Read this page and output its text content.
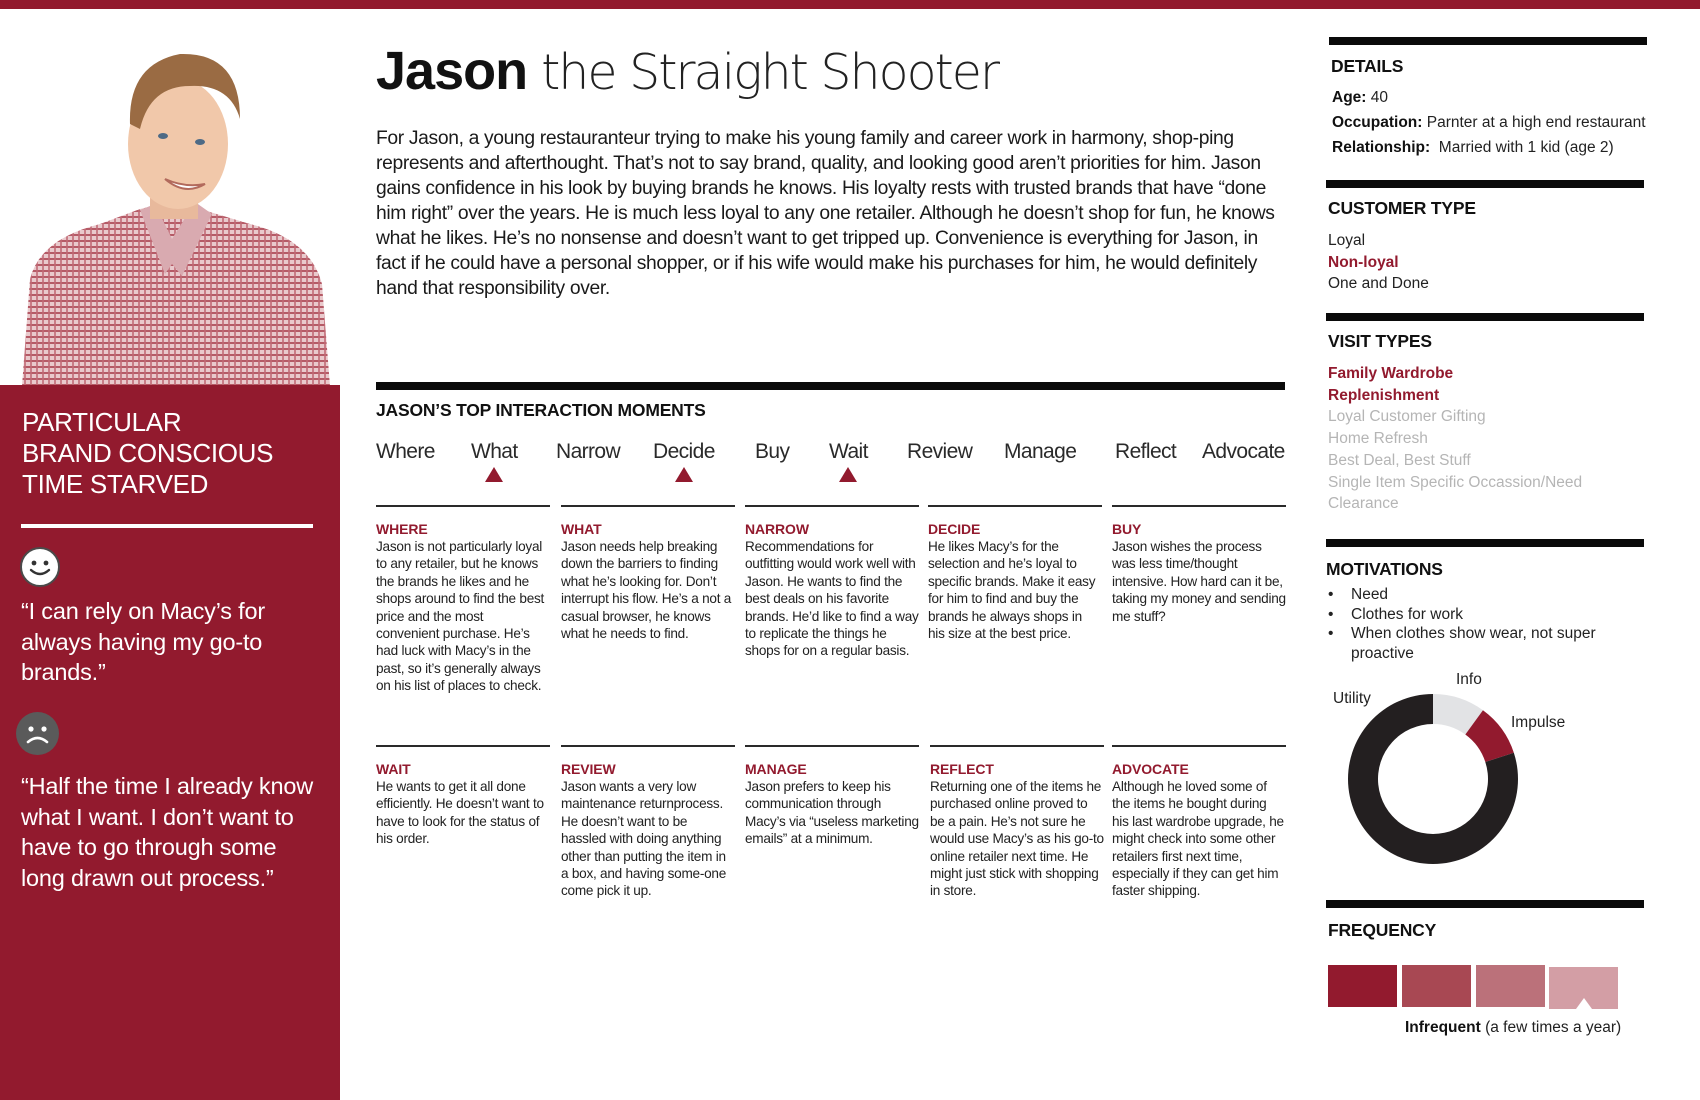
PARTICULAR
BRAND CONSCIOUS
TIME STARVED
“I can rely on Macy’s for always having my go-to brands.”
“Half the time I already know what I want. I don’t want to have to go through some long drawn out process.”
Jason the Straight Shooter
For Jason, a young restauranteur trying to make his young family and career work in harmony, shop-ping represents and afterthought. That’s not to say brand, quality, and looking good aren’t priorities for him. Jason gains confidence in his look by buying brands he knows. His loyalty rests with trusted brands that have “done him right” over the years. He is much less loyal to any one retailer. Although he doesn’t shop for fun, he knows what he likes. He’s no nonsense and doesn’t want to get tripped up. Convenience is everything for Jason, in fact if he could have a personal shopper, or if his wife would make his purchases for him, he would definitely hand that responsibility over.
JASON’S TOP INTERACTION MOMENTS
Where What Narrow Decide Buy Wait Review Manage Reflect Advocate
WHERE
Jason is not particularly loyal to any retailer, but he knows the brands he likes and he shops around to find the best price and the most convenient purchase. He’s had luck with Macy’s in the past, so it’s generally always on his list of places to check.
WHAT
Jason needs help breaking down the barriers to finding what he’s looking for. Don’t interrupt his flow. He’s a not a casual browser, he knows what he needs to find.
NARROW
Recommendations for outfitting would work well with Jason. He wants to find the best deals on his favorite brands. He’d like to find a way to replicate the things he shops for on a regular basis.
DECIDE
He likes Macy’s for the selection and he’s loyal to specific brands. Make it easy for him to find and buy the brands he always shops in his size at the best price.
BUY
Jason wishes the process was less time/thought intensive. How hard can it be, taking my money and sending me stuff?
WAIT
He wants to get it all done efficiently. He doesn’t want to have to look for the status of his order.
REVIEW
Jason wants a very low maintenance returnprocess. He doesn’t want to be hassled with doing anything other than putting the item in a box, and having some-one come pick it up.
MANAGE
Jason prefers to keep his communication through Macy’s via “useless marketing emails” at a minimum.
REFLECT
Returning one of the items he purchased online proved to be a pain. He’s not sure he would use Macy’s as his go-to online retailer next time. He might just stick with shopping in store.
ADVOCATE
Although he loved some of the items he bought during his last wardrobe upgrade, he might check into some other retailers first next time, especially if they can get him faster shipping.
DETAILS
Age: 40
Occupation: Parnter at a high end restaurant
Relationship: Married with 1 kid (age 2)
CUSTOMER TYPE
Loyal
Non-loyal
One and Done
VISIT TYPES
Family Wardrobe
Replenishment
Loyal Customer Gifting
Home Refresh
Best Deal, Best Stuff
Single Item Specific Occassion/Need
Clearance
MOTIVATIONS
• Need
• Clothes for work
• When clothes show wear, not super proactive
Utility
Info
Impulse
FREQUENCY
Infrequent (a few times a year)
